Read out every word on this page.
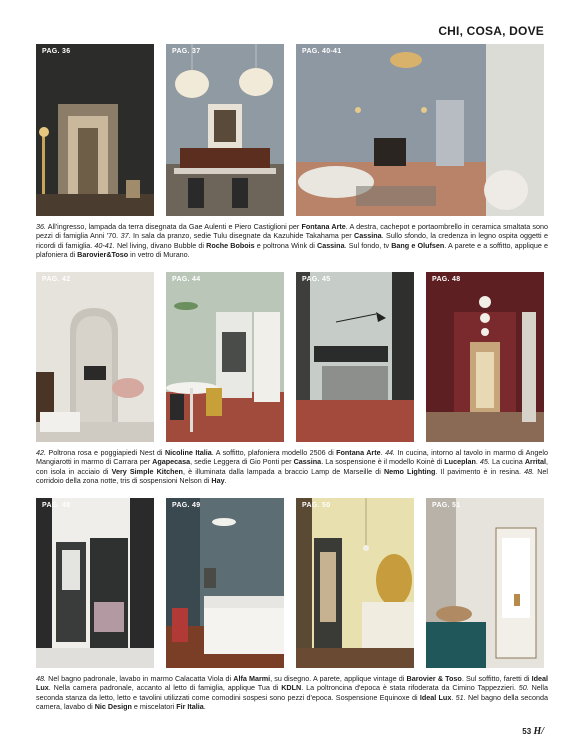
CHI, COSA, DOVE
PAG. 36	PAG. 37	PAG. 40-41
36. All'ingresso, lampada da terra disegnata da Gae Aulenti e Piero Castiglioni per Fontana Arte. A destra, cachepot e portaombrello in ceramica smaltata sono pezzi di famiglia Anni '70. 37. In sala da pranzo, sedie Tulu disegnate da Kazuhide Takahama per Cassina. Sullo sfondo, la credenza in legno ospita oggetti e ricordi di famiglia. 40-41. Nel living, divano Bubble di Roche Bobois e poltrona Wink di Cassina. Sul fondo, tv Bang e Olufsen. A parete e a soffitto, applique e plafoniera di Barovier&Toso in vetro di Murano.
PAG. 42	PAG. 44	PAG. 45	PAG. 48
42. Poltrona rosa e poggiapiedi Nest di Nicoline Italia. A soffitto, plafoniera modello 2506 di Fontana Arte. 44. In cucina, intorno al tavolo in marmo di Angelo Mangiarotti in marmo di Carrara per Agapecasa, sedie Leggera di Gio Ponti per Cassina. La sospensione è il modello Koinè di Luceplan. 45. La cucina Arrital, con isola in acciaio di Very Simple Kitchen, è illuminata dalla lampada a braccio Lamp de Marseille di Nemo Lighting. Il pavimento è in resina. 48. Nel corridoio della zona notte, tris di sospensioni Nelson di Hay.
PAG. 48	PAG. 49	PAG. 50	PAG. 51
48. Nel bagno padronale, lavabo in marmo Calacatta Viola di Alfa Marmi, su disegno. A parete, applique vintage di Barovier & Toso. Sul soffitto, faretti di Ideal Lux. Nella camera padronale, accanto al letto di famiglia, applique Tua di KDLN. La poltroncina d'epoca è stata rifoderata da Cimino Tappezzieri. 50. Nella seconda stanza da letto, letto e tavolini utilizzati come comodini sospesi sono pezzi d'epoca. Sospensione Equinoxe di Ideal Lux. 51. Nel bagno della seconda camera, lavabo di Nic Design e miscelatori Fir Italia.
53 H/
